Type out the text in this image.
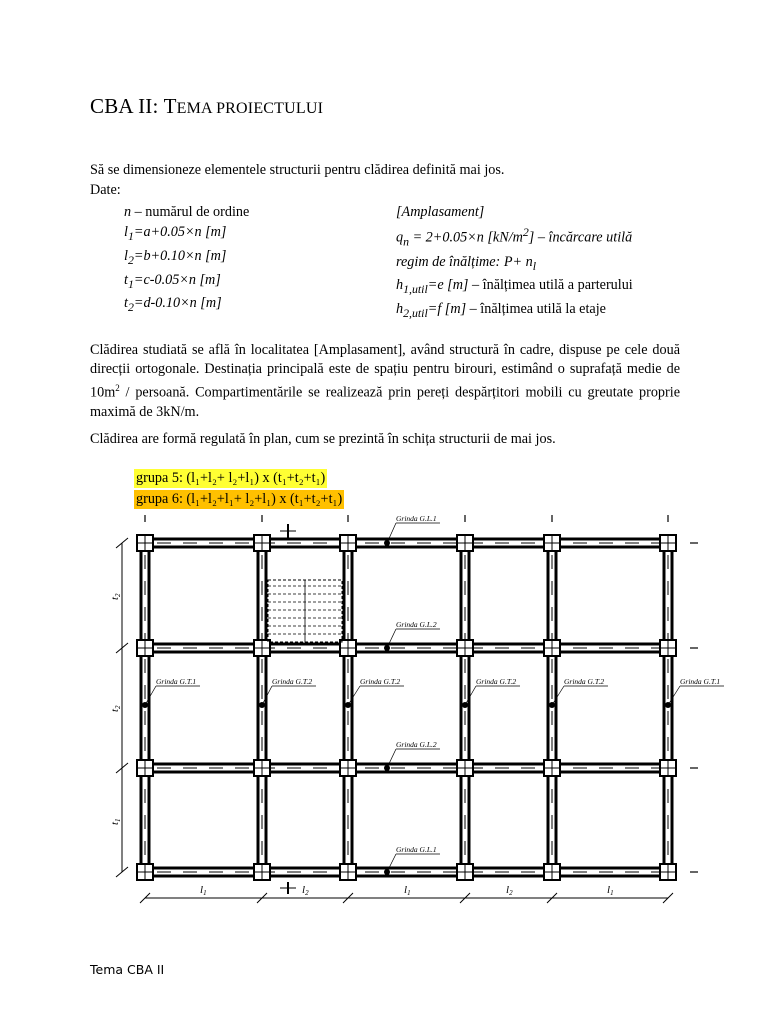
CBA II: TEMA PROIECTULUI
Să se dimensioneze elementele structurii pentru clădirea definită mai jos.
Date:
n – numărul de ordine
$l_1=a+0.05\times n$ [m]
$l_2=b+0.10\times n$ [m]
$t_1=c-0.05\times n$ [m]
$t_2=d-0.10\times n$ [m]
[Amplasament]
$q_n = 2+0.05\times n$ $[kN/m^2]$ – încărcare utilă
regim de înălțime: $P+ n_l$
$h_{1,util}=e$ [m] – înălțimea utilă a parterului
$h_{2,util}=f$ [m] – înălțimea utilă la etaje
Clădirea studiată se află în localitatea [Amplasament], având structură în cadre, dispuse pe cele două direcții ortogonale. Destinația principală este de spațiu pentru birouri, estimând o suprafață medie de $10m^2$ / persoană. Compartimentările se realizează prin pereți despărțitori mobili cu greutate proprie maximă de 3kN/m.
Clădirea are formă regulată în plan, cum se prezintă în schița structurii de mai jos.
grupa 5: (l₁+l₂+ l₂+l₁) x (t₁+t₂+t₁)
grupa 6: (l₁+l₂+l₁+ l₂+l₁) x (t₁+t₂+t₁)
Grinda G.L.1
Grinda G.L.2
Grinda G.L.2
Grinda G.L.1
Grinda G.T.1	Grinda G.T.2	Grinda G.T.2	Grinda G.T.2	Grinda G.T.2	Grinda G.T.1
l1	l2	l1	l2	l1
t2
t2
t1
Tema CBA II
